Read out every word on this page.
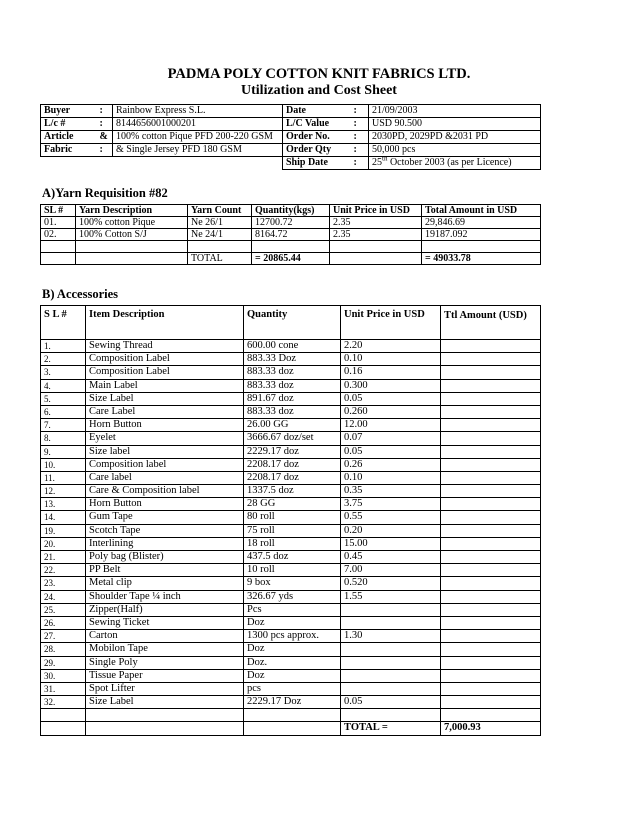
PADMA POLY COTTON KNIT FABRICS LTD.
Utilization and Cost Sheet
Buyer	:	Rainbow Express S.L.	Date	:	21/09/2003
L/c #	:	8144656001000201	L/C Value	:	USD 90.500
Article	&	100% cotton Pique PFD 200-220 GSM	Order No.	:	2030PD, 2029PD &2031 PD
Fabric	:	& Single Jersey PFD 180 GSM	Order Qty	:	50,000 pcs
			Ship Date	:	25th October 2003 (as per Licence)
A)Yarn Requisition #82
SL #	Yarn Description	Yarn Count	Quantity(kgs)	Unit Price in USD	Total Amount in USD
01.	100% cotton Pique	Ne 26/1	12700.72	2.35	29,846.69
02.	100% Cotton S/J	Ne 24/1	8164.72	2.35	19187.092

		TOTAL	= 20865.44		= 49033.78
B) Accessories
S L #	Item Description	Quantity	Unit Price in USD	Ttl Amount (USD)
1.	Sewing Thread	600.00 cone	2.20	
2.	Composition Label	883.33 Doz	0.10	
3.	Composition Label	883.33 doz	0.16	
4.	Main Label	883.33 doz	0.300	
5.	Size Label	891.67 doz	0.05	
6.	Care Label	883.33 doz	0.260	
7.	Horn Button	26.00 GG	12.00	
8.	Eyelet	3666.67 doz/set	0.07	
9.	Size label	2229.17 doz	0.05	
10.	Composition label	2208.17 doz	0.26	
11.	Care label	2208.17 doz	0.10	
12.	Care & Composition label	1337.5 doz	0.35	
13.	Horn Button	28 GG	3.75	
14.	Gum Tape	80 roll	0.55	
19.	Scotch Tape	75 roll	0.20	
20.	Interlining	18 roll	15.00	
21.	Poly bag (Blister)	437.5 doz	0.45	
22.	PP Belt	10 roll	7.00	
23.	Metal clip	9 box	0.520	
24.	Shoulder Tape ¼ inch	326.67 yds	1.55	
25.	Zipper(Half)	Pcs		
26.	Sewing Ticket	Doz		
27.	Carton	1300 pcs approx.	1.30	
28.	Mobilon Tape	Doz		
29.	Single Poly	Doz.		
30.	Tissue Paper	Doz		
31.	Spot Lifter	pcs		
32.	Size Label	2229.17 Doz	0.05	

			TOTAL =	7,000.93
